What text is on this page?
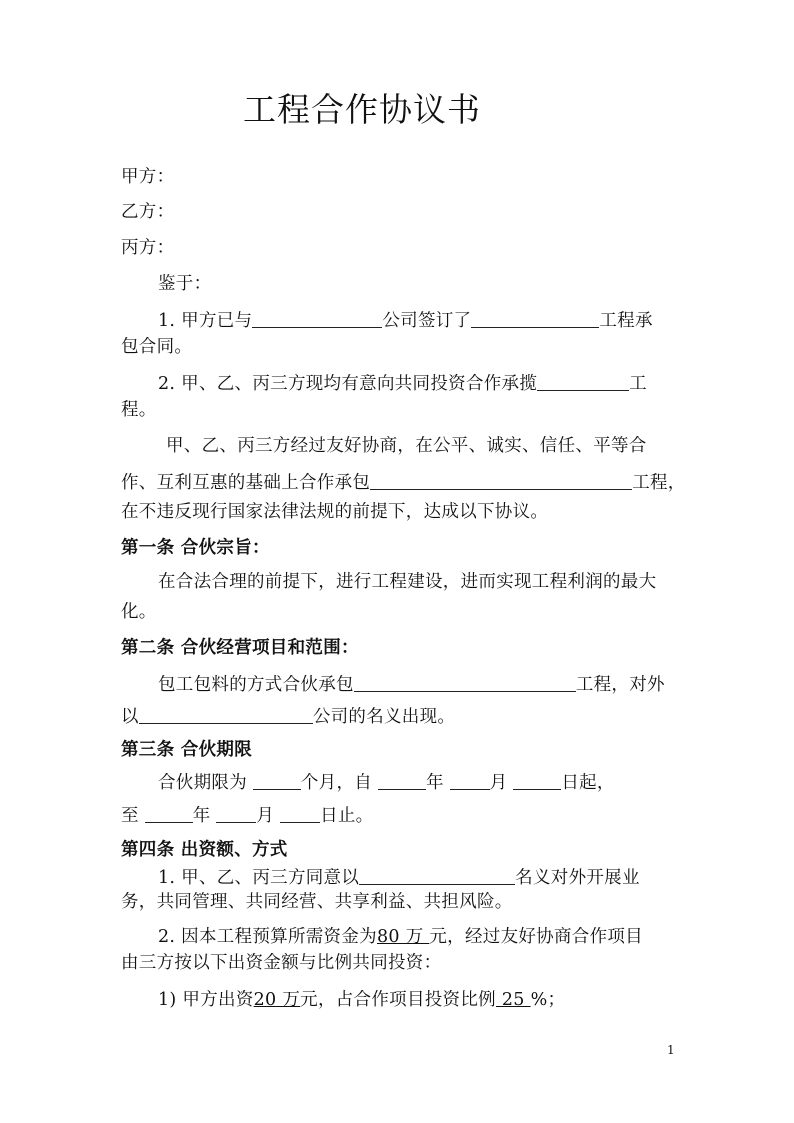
工程合作协议书
甲方：
乙方：
丙方：
鉴于：
1. 甲方已与	公司签订了	工程承
包合同。
2. 甲、乙、丙三方现均有意向共同投资合作承揽	工
程。
甲、乙、丙三方经过友好协商，在公平、诚实、信任、平等合
作、互利互惠的基础上合作承包	工程，
在不违反现行国家法律法规的前提下，达成以下协议。
第一条 合伙宗旨：
在合法合理的前提下，进行工程建设，进而实现工程利润的最大
化。
第二条 合伙经营项目和范围：
包工包料的方式合伙承包	工程，对外
以	公司的名义出现。
第三条 合伙期限
合伙期限为	个月，自	年	月	日起，
至	年	月	日止。
第四条 出资额、方式
1. 甲、乙、丙三方同意以	名义对外开展业
务，共同管理、共同经营、共享利益、共担风险。
2. 因本工程预算所需资金为80 万 元，经过友好协商合作项目
由三方按以下出资金额与比例共同投资：
1) 甲方出资20 万元，占合作项目投资比例 25 %；
1
